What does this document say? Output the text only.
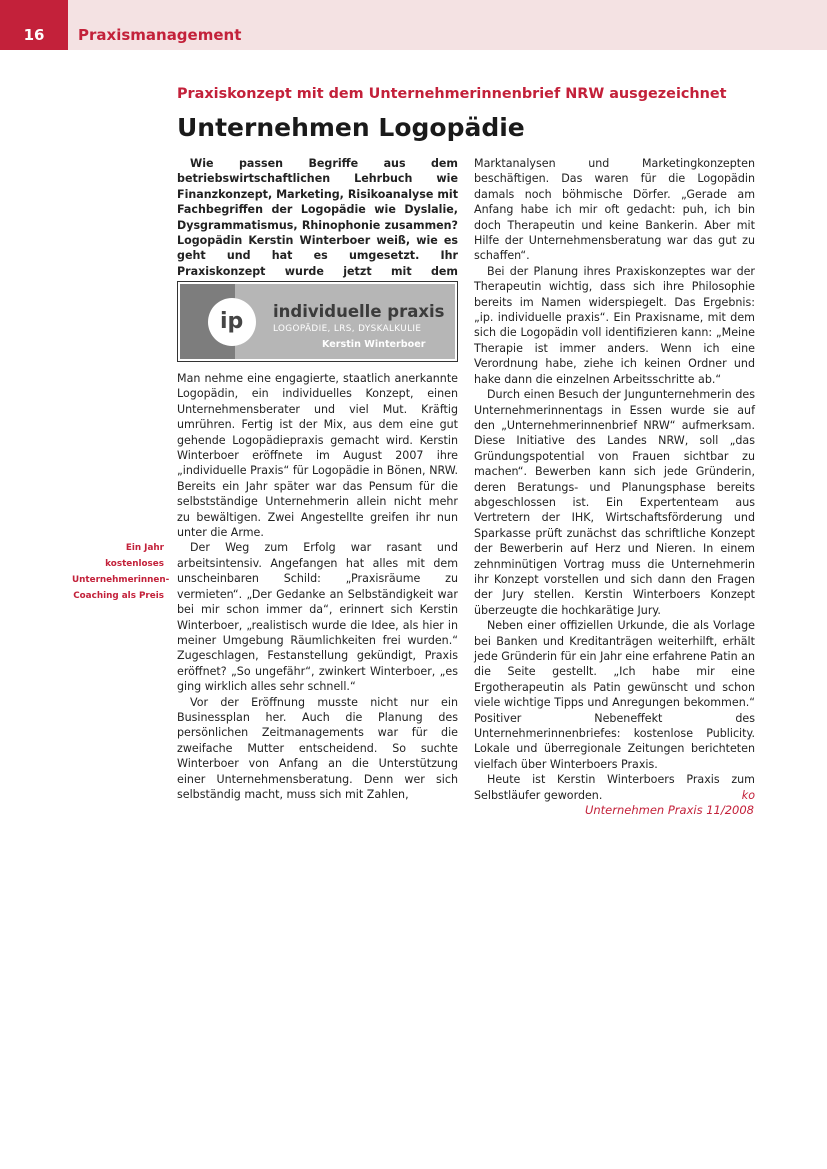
16	Praxismanagement
Praxiskonzept mit dem Unternehmerinnenbrief NRW ausgezeichnet
Unternehmen Logopädie

Wie passen Begriffe aus dem betriebswirtschaftlichen Lehrbuch wie Finanzkonzept, Marketing, Risikoanalyse mit Fachbegriffen der Logopädie wie Dyslalie, Dysgrammatismus, Rhinophonie zusammen? Logopädin Kerstin Winterboer weiß, wie es geht und hat es umgesetzt. Ihr Praxiskonzept wurde jetzt mit dem

ip individuelle praxis
LOGOPÄDIE, LRS, DYSKALKULIE
Kerstin Winterboer

Man nehme eine engagierte, staatlich anerkannte Logopädin, ein individuelles Konzept, einen Unternehmensberater und viel Mut. Kräftig umrühren. Fertig ist der Mix, aus dem eine gut gehende Logopädiepraxis gemacht wird. Kerstin Winterboer eröffnete im August 2007 ihre „individuelle Praxis“ für Logopädie in Bönen, NRW. Bereits ein Jahr später war das Pensum für die selbstständige Unternehmerin allein nicht mehr zu bewältigen. Zwei Angestellte greifen ihr nun unter die Arme.

Der Weg zum Erfolg war rasant und arbeitsintensiv. Angefangen hat alles mit dem unscheinbaren Schild: „Praxisräume zu vermieten“. „Der Gedanke an Selbständigkeit war bei mir schon immer da“, erinnert sich Kerstin Winterboer, „realistisch wurde die Idee, als hier in meiner Umgebung Räumlichkeiten frei wurden.“ Zugeschlagen, Festanstellung gekündigt, Praxis eröffnet? „So ungefähr“, zwinkert Winterboer, „es ging wirklich alles sehr schnell.“

Vor der Eröffnung musste nicht nur ein Businessplan her. Auch die Planung des persönlichen Zeitmanagements war für die zweifache Mutter entscheidend. So suchte Winterboer von Anfang an die Unterstützung einer Unternehmensberatung. Denn wer sich selbständig macht, muss sich mit Zahlen,

Ein Jahr kostenloses Unternehmerinnen-Coaching als Preis

Marktanalysen und Marketingkonzepten beschäftigen. Das waren für die Logopädin damals noch böhmische Dörfer. „Gerade am Anfang habe ich mir oft gedacht: puh, ich bin doch Therapeutin und keine Bankerin. Aber mit Hilfe der Unternehmensberatung war das gut zu schaffen“.

Bei der Planung ihres Praxiskonzeptes war der Therapeutin wichtig, dass sich ihre Philosophie bereits im Namen widerspiegelt. Das Ergebnis: „ip. individuelle praxis“. Ein Praxisname, mit dem sich die Logopädin voll identifizieren kann: „Meine Therapie ist immer anders. Wenn ich eine Verordnung habe, ziehe ich keinen Ordner und hake dann die einzelnen Arbeitsschritte ab.“

Durch einen Besuch der Jungunternehmerin des Unternehmerinnentags in Essen wurde sie auf den „Unternehmerinnenbrief NRW“ aufmerksam. Diese Initiative des Landes NRW, soll „das Gründungspotential von Frauen sichtbar zu machen“. Bewerben kann sich jede Gründerin, deren Beratungs- und Planungsphase bereits abgeschlossen ist. Ein Expertenteam aus Vertretern der IHK, Wirtschaftsförderung und Sparkasse prüft zunächst das schriftliche Konzept der Bewerberin auf Herz und Nieren. In einem zehnminütigen Vortrag muss die Unternehmerin ihr Konzept vorstellen und sich dann den Fragen der Jury stellen. Kerstin Winterboers Konzept überzeugte die hochkarätige Jury.

Neben einer offiziellen Urkunde, die als Vorlage bei Banken und Kreditanträgen weiterhilft, erhält jede Gründerin für ein Jahr eine erfahrene Patin an die Seite gestellt. „Ich habe mir eine Ergotherapeutin als Patin gewünscht und schon viele wichtige Tipps und Anregungen bekommen.“ Positiver Nebeneffekt des Unternehmerinnenbriefes: kostenlose Publicity. Lokale und überregionale Zeitungen berichteten vielfach über Winterboers Praxis.

Heute ist Kerstin Winterboers Praxis zum Selbstläufer geworden.	ko

Unternehmen Praxis 11/2008
